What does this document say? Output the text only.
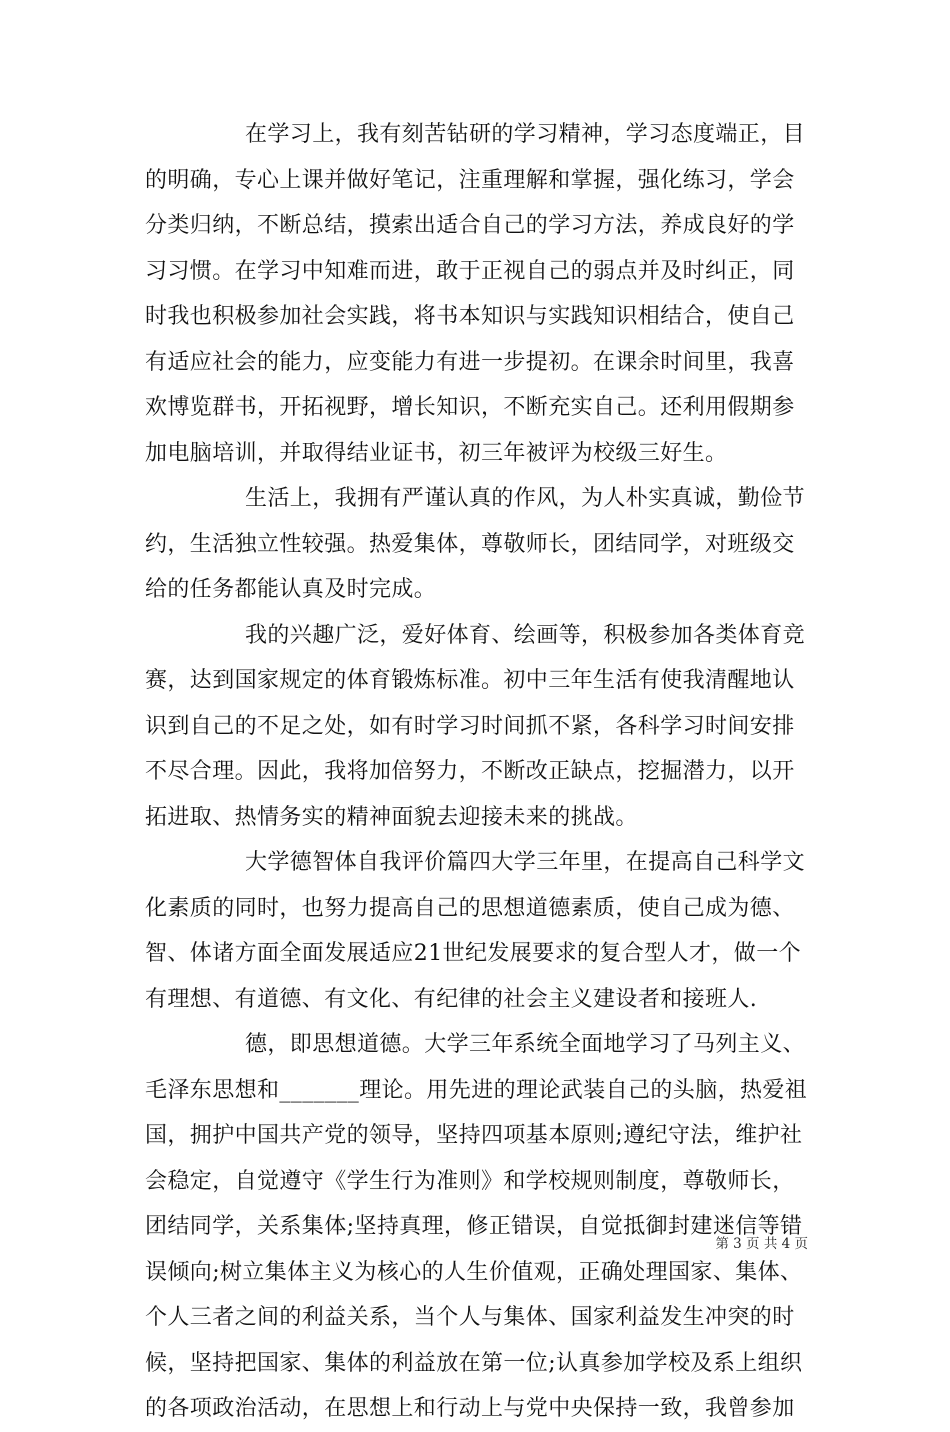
在学习上，我有刻苦钻研的学习精神，学习态度端正，目
的明确，专心上课并做好笔记，注重理解和掌握，强化练习，学会
分类归纳，不断总结，摸索出适合自己的学习方法，养成良好的学
习习惯。在学习中知难而进，敢于正视自己的弱点并及时纠正，同
时我也积极参加社会实践，将书本知识与实践知识相结合，使自己
有适应社会的能力，应变能力有进一步提初。在课余时间里，我喜
欢博览群书，开拓视野，增长知识，不断充实自己。还利用假期参
加电脑培训，并取得结业证书，初三年被评为校级三好生。
生活上，我拥有严谨认真的作风，为人朴实真诚，勤俭节
约，生活独立性较强。热爱集体，尊敬师长，团结同学，对班级交
给的任务都能认真及时完成。
我的兴趣广泛，爱好体育、绘画等，积极参加各类体育竞
赛，达到国家规定的体育锻炼标准。初中三年生活有使我清醒地认
识到自己的不足之处，如有时学习时间抓不紧，各科学习时间安排
不尽合理。因此，我将加倍努力，不断改正缺点，挖掘潜力，以开
拓进取、热情务实的精神面貌去迎接未来的挑战。
大学德智体自我评价篇四大学三年里，在提高自己科学文
化素质的同时，也努力提高自己的思想道德素质，使自己成为德、
智、体诸方面全面发展适应21世纪发展要求的复合型人才，做一个
有理想、有道德、有文化、有纪律的社会主义建设者和接班人.
德，即思想道德。大学三年系统全面地学习了马列主义、
毛泽东思想和_______理论。用先进的理论武装自己的头脑，热爱祖
国，拥护中国共产党的领导，坚持四项基本原则;遵纪守法，维护社
会稳定，自觉遵守《学生行为准则》和学校规则制度，尊敬师长，
团结同学，关系集体;坚持真理，修正错误，自觉抵御封建迷信等错
误倾向;树立集体主义为核心的人生价值观，正确处理国家、集体、
个人三者之间的利益关系，当个人与集体、国家利益发生冲突的时
候，坚持把国家、集体的利益放在第一位;认真参加学校及系上组织
的各项政治活动，在思想上和行动上与党中央保持一致，我曾参加
第 3 页 共 4 页
